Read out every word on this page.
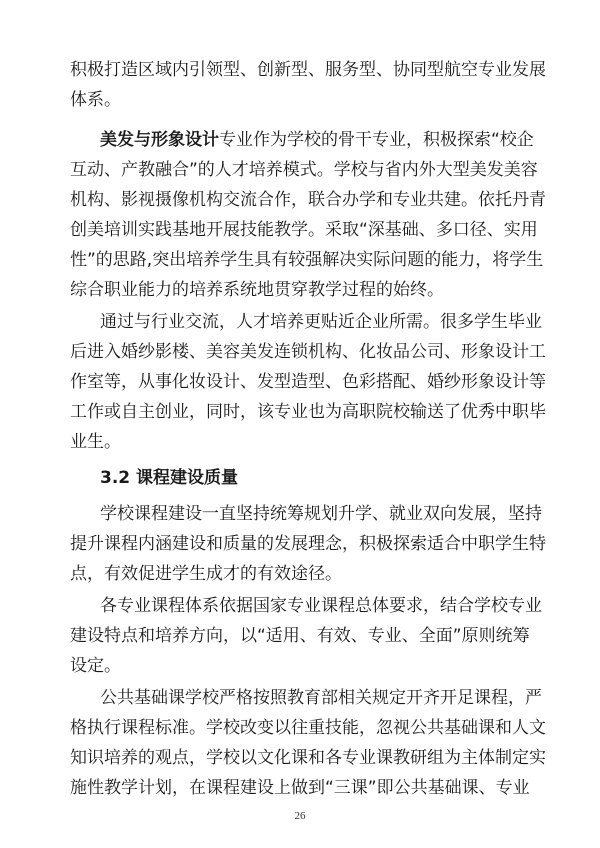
积极打造区域内引领型、创新型、服务型、协同型航空专业发展

体系。

美发与形象设计专业作为学校的骨干专业，积极探索“校企

互动、产教融合”的人才培养模式。学校与省内外大型美发美容

机构、影视摄像机构交流合作，联合办学和专业共建。依托丹青

创美培训实践基地开展技能教学。采取“深基础、多口径、实用

性”的思路,突出培养学生具有较强解决实际问题的能力，将学生

综合职业能力的培养系统地贯穿教学过程的始终。

通过与行业交流，人才培养更贴近企业所需。很多学生毕业

后进入婚纱影楼、美容美发连锁机构、化妆品公司、形象设计工

作室等，从事化妆设计、发型造型、色彩搭配、婚纱形象设计等

工作或自主创业，同时，该专业也为高职院校输送了优秀中职毕

业生。

3.2 课程建设质量

学校课程建设一直坚持统筹规划升学、就业双向发展，坚持

提升课程内涵建设和质量的发展理念，积极探索适合中职学生特

点，有效促进学生成才的有效途径。

各专业课程体系依据国家专业课程总体要求，结合学校专业

建设特点和培养方向，以“适用、有效、专业、全面”原则统筹

设定。

公共基础课学校严格按照教育部相关规定开齐开足课程，严

格执行课程标准。学校改变以往重技能，忽视公共基础课和人文

知识培养的观点，学校以文化课和各专业课教研组为主体制定实

施性教学计划，在课程建设上做到“三课”即公共基础课、专业

26
